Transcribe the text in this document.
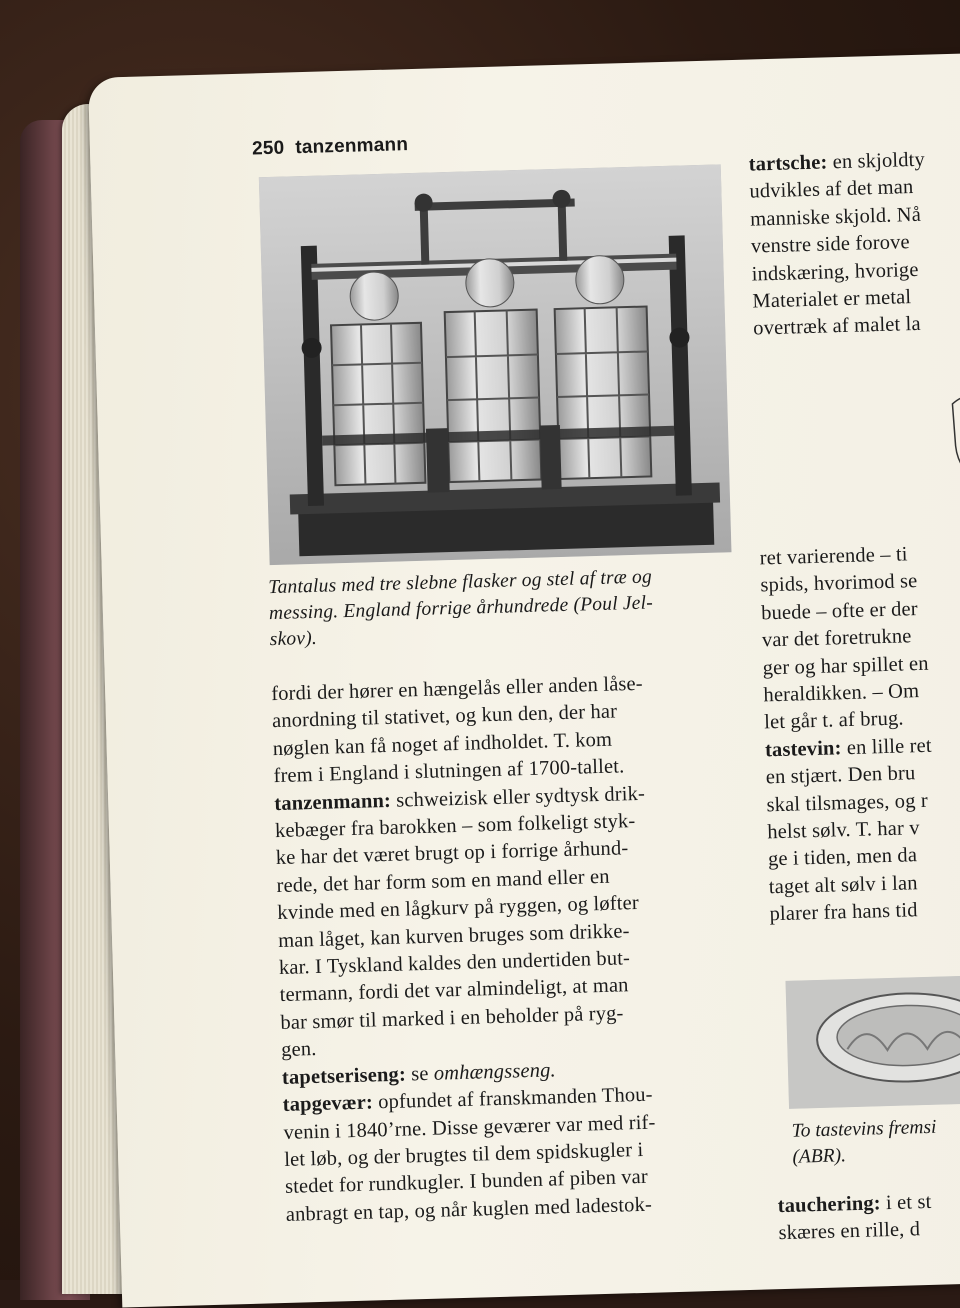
250 tanzenmann
Tantalus med tre slebne flasker og stel af træ og
messing. England forrige århundrede (Poul Jel-
skov).
fordi der hører en hængelås eller anden låse-
anordning til stativet, og kun den, der har
nøglen kan få noget af indholdet. T. kom
frem i England i slutningen af 1700-tallet.
tanzenmann: schweizisk eller sydtysk drik-
kebæger fra barokken – som folkeligt styk-
ke har det været brugt op i forrige århund-
rede, det har form som en mand eller en
kvinde med en lågkurv på ryggen, og løfter
man låget, kan kurven bruges som drikke-
kar. I Tyskland kaldes den undertiden but-
termann, fordi det var almindeligt, at man
bar smør til marked i en beholder på ryg-
gen.
tapetseriseng: se omhængsseng.
tapgevær: opfundet af franskmanden Thou-
venin i 1840’rne. Disse geværer var med rif-
let løb, og der brugtes til dem spidskugler i
stedet for rundkugler. I bunden af piben var
anbragt en tap, og når kuglen med ladestok-
tartsche: en skjoldty
udvikles af det man
manniske skjold. Nå
venstre side forove
indskæring, hvorige
Materialet er metal
overtræk af malet la
ret varierende – ti
spids, hvorimod se
buede – ofte er der
var det foretrukne
ger og har spillet en
heraldikken. – Om
let går t. af brug.
tastevin: en lille ret
en stjært. Den bru
skal tilsmages, og r
helst sølv. T. har v
ge i tiden, men da
taget alt sølv i lan
plarer fra hans tid
To tastevins fremsi
(ABR).
tauchering: i et st
skæres en rille, d
